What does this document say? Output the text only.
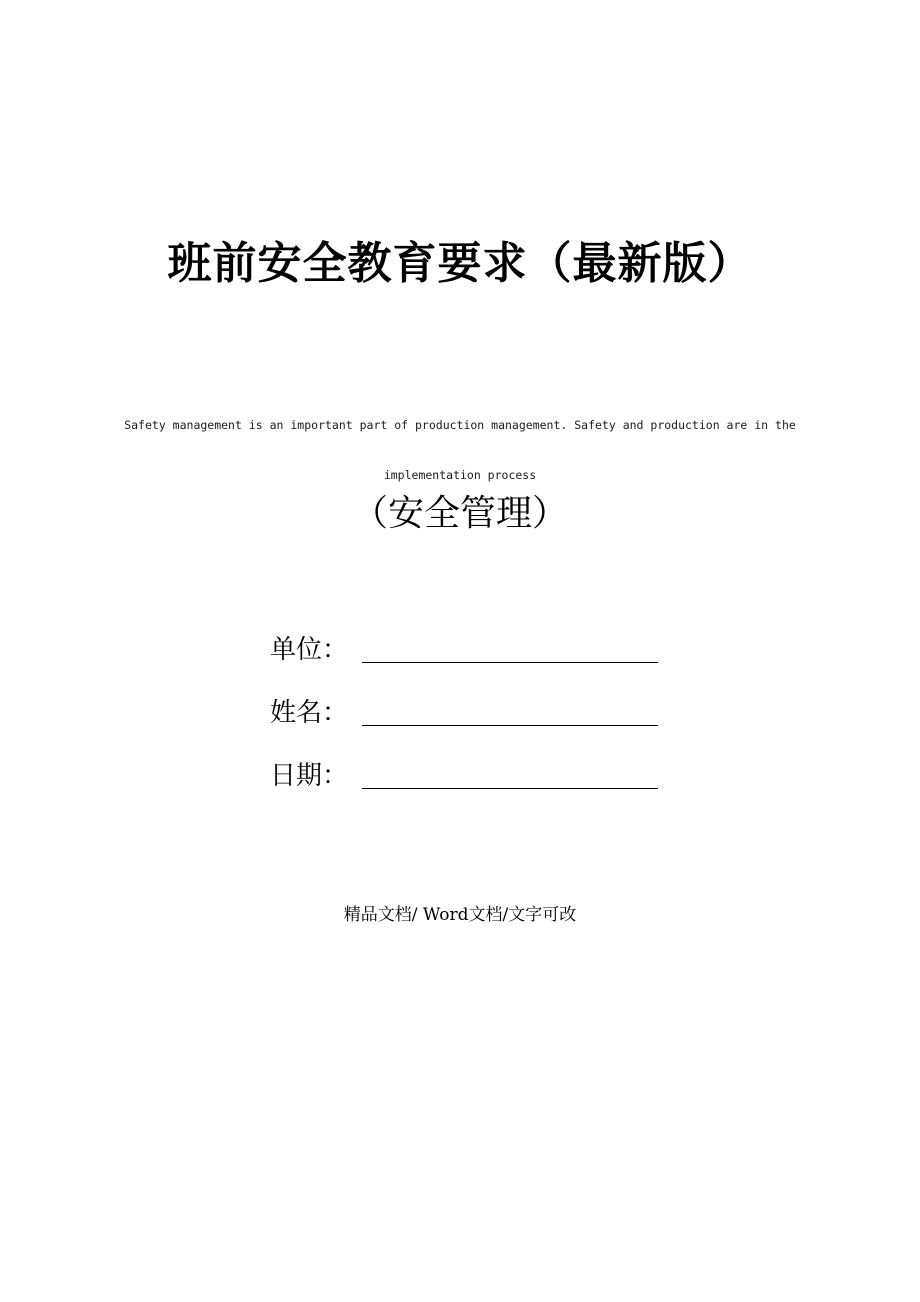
班前安全教育要求（最新版）
Safety management is an important part of production management. Safety and production are in the implementation process
（安全管理）
单位：
姓名：
日期：
精品文档/ Word文档/文字可改
